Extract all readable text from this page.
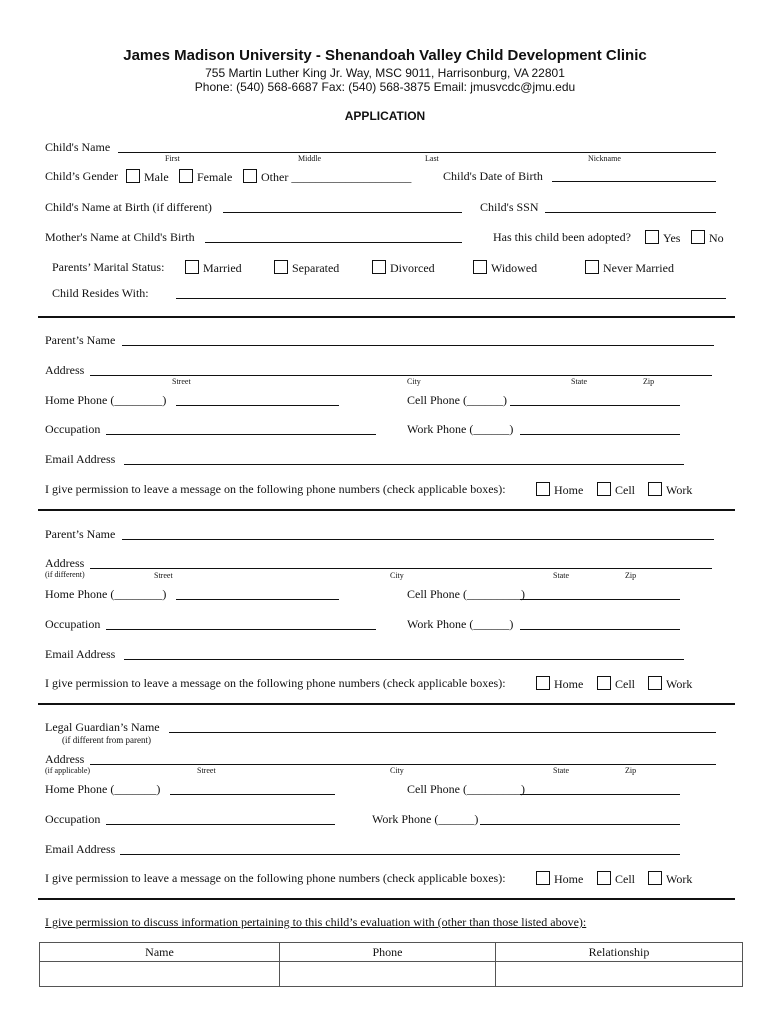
James Madison University - Shenandoah Valley Child Development Clinic
755 Martin Luther King Jr. Way, MSC 9011, Harrisonburg, VA 22801
Phone: (540) 568-6687 Fax: (540) 568-3875 Email: jmusvcdc@jmu.edu
APPLICATION
Child's Name
First	Middle	Last	Nickname
Child’s Gender	Male	Female	Other ____________________	Child's Date of Birth
Child's Name at Birth (if different)	Child's SSN
Mother's Name at Child's Birth	Has this child been adopted?	Yes	No
Parents’ Marital Status:	Married	Separated	Divorced	Widowed	Never Married
Child Resides With:
Parent’s Name
Address
Street	City	State	Zip
Home Phone (________)	Cell Phone (______)
Occupation	Work Phone (______)
Email Address
I give permission to leave a message on the following phone numbers (check applicable boxes):	Home	Cell	Work
Parent’s Name
Address
(if different)	Street	City	State	Zip
Home Phone (________)	Cell Phone (_________)
Occupation	Work Phone (______)
Email Address
I give permission to leave a message on the following phone numbers (check applicable boxes):	Home	Cell	Work
Legal Guardian’s Name
(if different from parent)
Address
(if applicable)	Street	City	State	Zip
Home Phone (_______)	Cell Phone (_________)
Occupation	Work Phone (______)
Email Address
I give permission to leave a message on the following phone numbers (check applicable boxes):	Home	Cell	Work
I give permission to discuss information pertaining to this child’s evaluation with (other than those listed above):
Name	Phone	Relationship
